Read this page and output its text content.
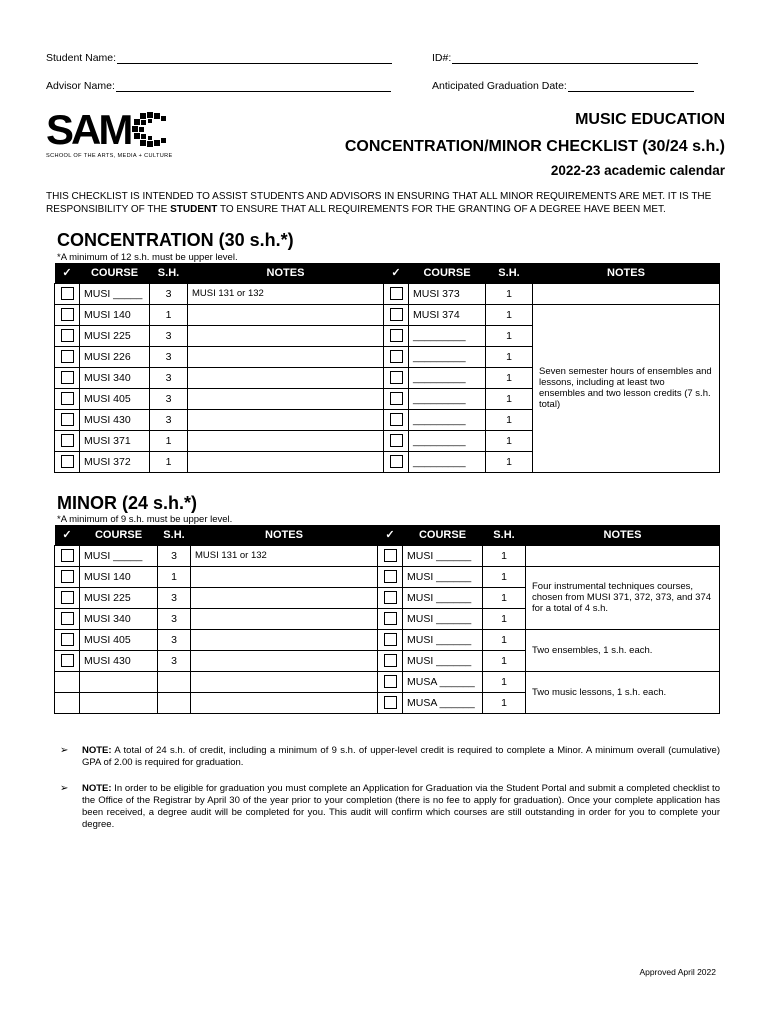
Student Name:	ID#:
Advisor Name:	Anticipated Graduation Date:
SAM
SCHOOL OF THE ARTS, MEDIA + CULTURE
MUSIC EDUCATION
CONCENTRATION/MINOR CHECKLIST (30/24 s.h.)
2022-23 academic calendar
THIS CHECKLIST IS INTENDED TO ASSIST STUDENTS AND ADVISORS IN ENSURING THAT ALL MINOR REQUIREMENTS ARE MET. IT IS THE RESPONSIBILITY OF THE STUDENT TO ENSURE THAT ALL REQUIREMENTS FOR THE GRANTING OF A DEGREE HAVE BEEN MET.
CONCENTRATION (30 s.h.*)
*A minimum of 12 s.h. must be upper level.
✓	COURSE	S.H.	NOTES	✓	COURSE	S.H.	NOTES
	MUSI _____	3	MUSI 131 or 132		MUSI 373	1	
	MUSI 140	1			MUSI 374	1	Seven semester hours of ensembles and lessons, including at least two ensembles and two lesson credits (7 s.h. total)
	MUSI 225	3			_________	1	
	MUSI 226	3			_________	1	
	MUSI 340	3			_________	1	
	MUSI 405	3			_________	1	
	MUSI 430	3			_________	1	
	MUSI 371	1			_________	1	
	MUSI 372	1			_________	1	
MINOR (24 s.h.*)
*A minimum of 9 s.h. must be upper level.
✓	COURSE	S.H.	NOTES	✓	COURSE	S.H.	NOTES
	MUSI _____	3	MUSI 131 or 132		MUSI ______	1	
	MUSI 140	1			MUSI ______	1	Four instrumental techniques courses, chosen from MUSI 371, 372, 373, and 374 for a total of 4 s.h.
	MUSI 225	3			MUSI ______	1	
	MUSI 340	3			MUSI ______	1	
	MUSI 405	3			MUSI ______	1	Two ensembles, 1 s.h. each.
	MUSI 430	3			MUSI ______	1	
					MUSA ______	1	Two music lessons, 1 s.h. each.
					MUSA ______	1	
➢	NOTE: A total of 24 s.h. of credit, including a minimum of 9 s.h. of upper-level credit is required to complete a Minor. A minimum overall (cumulative) GPA of 2.00 is required for graduation.
➢	NOTE: In order to be eligible for graduation you must complete an Application for Graduation via the Student Portal and submit a completed checklist to the Office of the Registrar by April 30 of the year prior to your completion (there is no fee to apply for graduation). Once your complete application has been received, a degree audit will be completed for you. This audit will confirm which courses are still outstanding in order for you to complete your degree.
Approved April 2022
